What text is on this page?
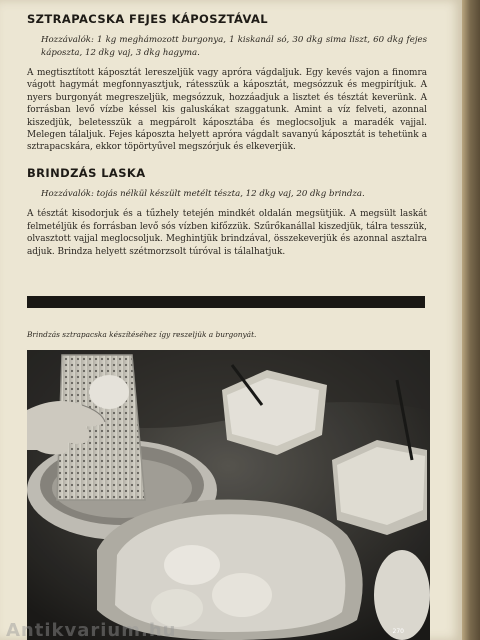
SZTRAPACSKA FEJES KÁPOSZTÁVAL
Hozzávalók: 1 kg meghámozott burgonya, 1 kiskanál só, 30 dkg sima liszt, 60 dkg fejes káposzta, 12 dkg vaj, 3 dkg hagyma.

A megtisztított káposztát lereszeljük vagy apróra vágdaljuk. Egy kevés vajon a finomra vágott hagymát megfonnyasztjuk, rátesszük a káposztát, megsózzuk és megpirítjuk. A nyers burgonyát megreszeljük, megsózzuk, hozzáadjuk a lisztet és tésztát keverünk. A forrásban levő vízbe késsel kis galuskákat szaggatunk. Amint a víz felveti, azonnal kiszedjük, beletesszük a megpárolt káposztába és meglocsoljuk a maradék vajjal. Melegen tálaljuk. Fejes káposzta helyett apróra vágdalt savanyú káposztát is tehetünk a sztrapacskára, ekkor töpörtyűvel megszórjuk és elkeverjük.

BRINDZÁS LASKA
Hozzávalók: tojás nélkül készült metélt tészta, 12 dkg vaj, 20 dkg brindza.

A tésztát kisodorjuk és a tűzhely tetején mindkét oldalán megsütjük. A megsült laskát felmetéljük és forrásban levő sós vízben kifőzzük. Szűrőkanállal kiszedjük, tálra tesszük, olvasztott vajjal meglocsoljuk. Meghintjük brindzával, összekeverjük és azonnal asztalra adjuk. Brindza helyett szétmorzsolt túróval is tálalhatjuk.

Brindzás sztrapacska készítéséhez így reszeljük a burgonyát.
Antikvarium.hu	270
